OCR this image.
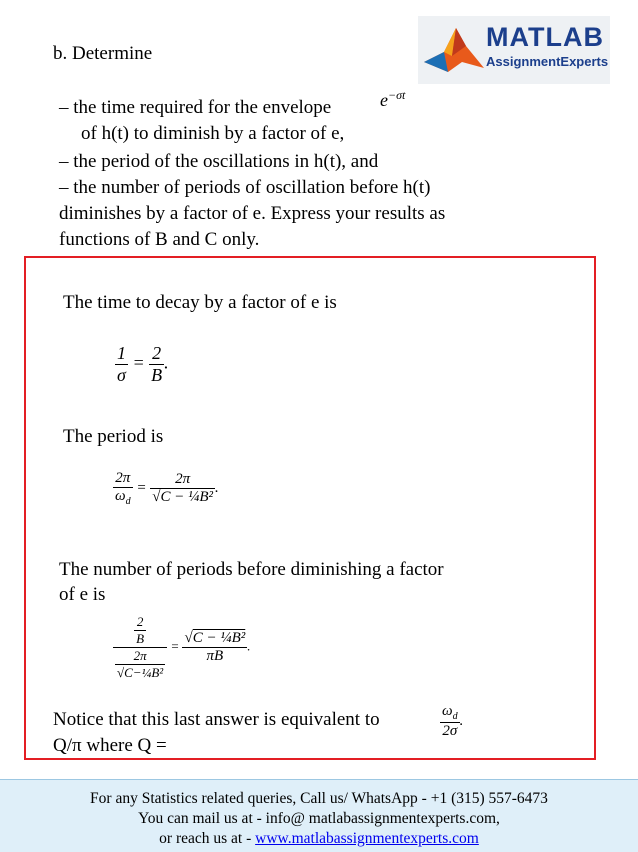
MATLAB
AssignmentExperts
b. Determine
– the time required for the envelope	$e^{-\sigma t}$
of h(t) to diminish by a factor of e,
– the period of the oscillations in h(t), and
– the number of periods of oscillation before h(t)
diminishes by a factor of e. Express your results as
functions of B and C only.
The time to decay by a factor of e is
$\frac{1}{\sigma} = \frac{2}{B}$ .
The period is
$\frac{2\pi}{\omega_d} = \frac{2\pi}{\text{√C − ¼B²}}$ .
The number of periods before diminishing a factor
of e is
$\frac{\frac{2}{B}}{\frac{2\pi}{\text{√C−¼B²}}} = \frac{\text{√C − ¼B²}}{\pi B}$ .
Notice that this last answer is equivalent to
Q/π where Q =
$\frac{\omega_d}{2\sigma}$ .
For any Statistics related queries, Call us/ WhatsApp - +1 (315) 557-6473
You can mail us at - info@ matlabassignmentexperts.com,
or reach us at - www.matlabassignmentexperts.com
